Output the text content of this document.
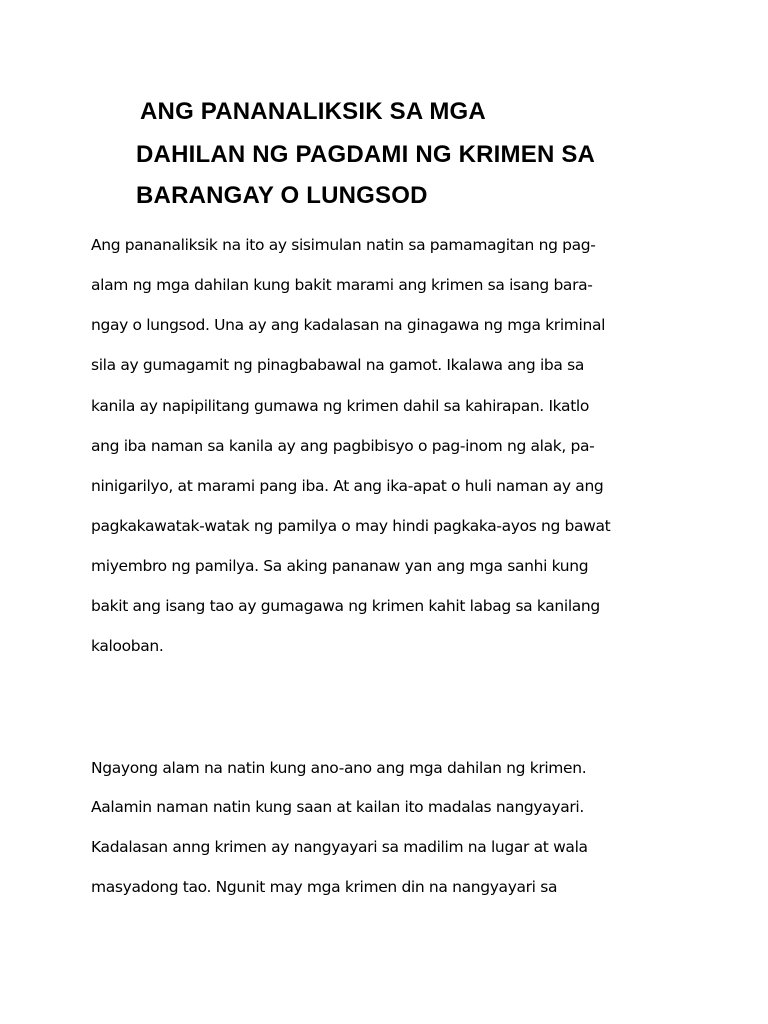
ANG PANANALIKSIK SA MGA
DAHILAN NG PAGDAMI NG KRIMEN SA
BARANGAY O LUNGSOD
Ang pananaliksik na ito ay sisimulan natin sa pamamagitan ng pag-
alam ng mga dahilan kung bakit marami ang krimen sa isang bara-
ngay o lungsod. Una ay ang kadalasan na ginagawa ng mga kriminal
sila ay gumagamit ng pinagbabawal na gamot. Ikalawa ang iba sa
kanila ay napipilitang gumawa ng krimen dahil sa kahirapan. Ikatlo
ang iba naman sa kanila ay ang pagbibisyo o pag-inom ng alak, pa-
ninigarilyo, at marami pang iba. At ang ika-apat o huli naman ay ang
pagkakawatak-watak ng pamilya o may hindi pagkaka-ayos ng bawat
miyembro ng pamilya. Sa aking pananaw yan ang mga sanhi kung
bakit ang isang tao ay gumagawa ng krimen kahit labag sa kanilang
kalooban.
Ngayong alam na natin kung ano-ano ang mga dahilan ng krimen.
Aalamin naman natin kung saan at kailan ito madalas nangyayari.
Kadalasan anng krimen ay nangyayari sa madilim na lugar at wala
masyadong tao. Ngunit may mga krimen din na nangyayari sa
